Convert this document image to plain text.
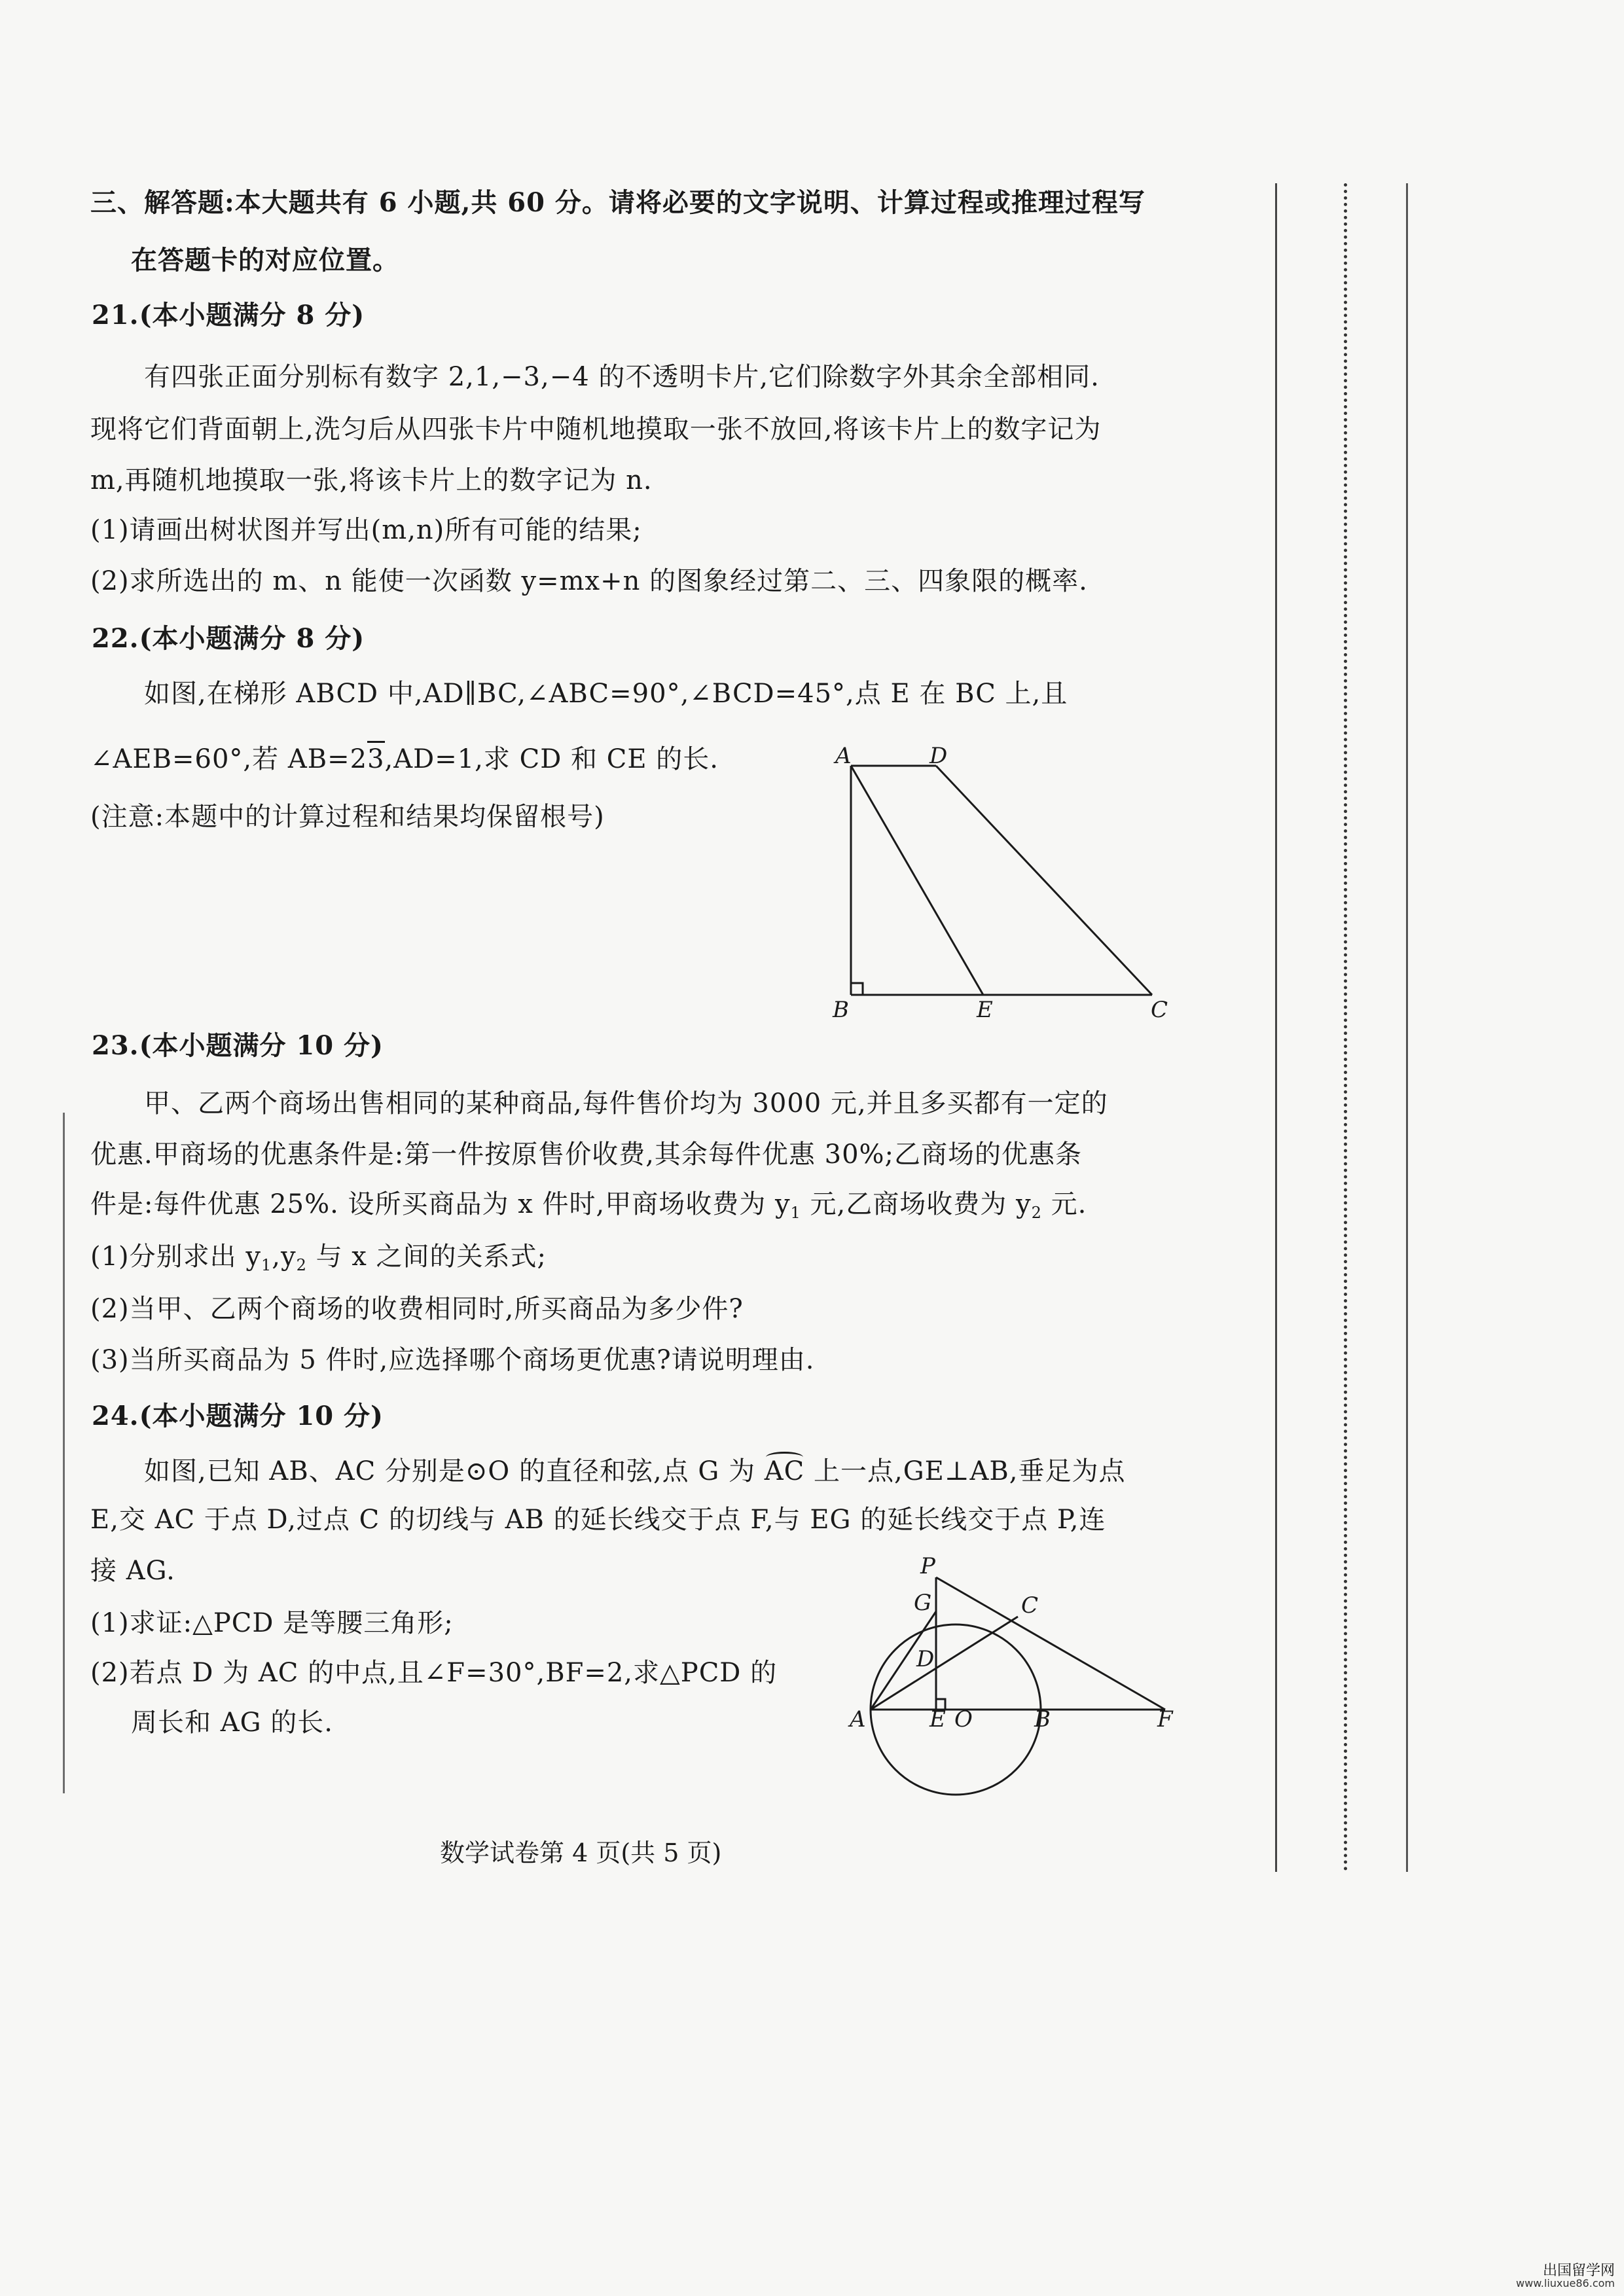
三、解答题:本大题共有 6 小题,共 60 分。请将必要的文字说明、计算过程或推理过程写
在答题卡的对应位置。
21.(本小题满分 8 分)
有四张正面分别标有数字 2,1,−3,−4 的不透明卡片,它们除数字外其余全部相同.
现将它们背面朝上,洗匀后从四张卡片中随机地摸取一张不放回,将该卡片上的数字记为
m,再随机地摸取一张,将该卡片上的数字记为 n.
(1)请画出树状图并写出(m,n)所有可能的结果;
(2)求所选出的 m、n 能使一次函数 y=mx+n 的图象经过第二、三、四象限的概率.
22.(本小题满分 8 分)
如图,在梯形 ABCD 中,AD∥BC,∠ABC=90°,∠BCD=45°,点 E 在 BC 上,且
∠AEB=60°,若 AB=23,AD=1,求 CD 和 CE 的长.
(注意:本题中的计算过程和结果均保留根号)
A	D
B	E	C
23.(本小题满分 10 分)
甲、乙两个商场出售相同的某种商品,每件售价均为 3000 元,并且多买都有一定的
优惠.甲商场的优惠条件是:第一件按原售价收费,其余每件优惠 30%;乙商场的优惠条
件是:每件优惠 25%. 设所买商品为 x 件时,甲商场收费为 $y_1$ 元,乙商场收费为 $y_2$ 元.
(1)分别求出 $y_1,y_2$ 与 x 之间的关系式;
(2)当甲、乙两个商场的收费相同时,所买商品为多少件?
(3)当所买商品为 5 件时,应选择哪个商场更优惠?请说明理由.
24.(本小题满分 10 分)
如图,已知 AB、AC 分别是⊙O 的直径和弦,点 G 为 AC 上一点,GE⊥AB,垂足为点
E,交 AC 于点 D,过点 C 的切线与 AB 的延长线交于点 F,与 EG 的延长线交于点 P,连
接 AG.
(1)求证:△PCD 是等腰三角形;
(2)若点 D 为 AC 的中点,且∠F=30°,BF=2,求△PCD 的
周长和 AG 的长.
P
G	C
D
A	E O	B	F
数学试卷第 4 页(共 5 页)
出国留学网
www.liuxue86.com
